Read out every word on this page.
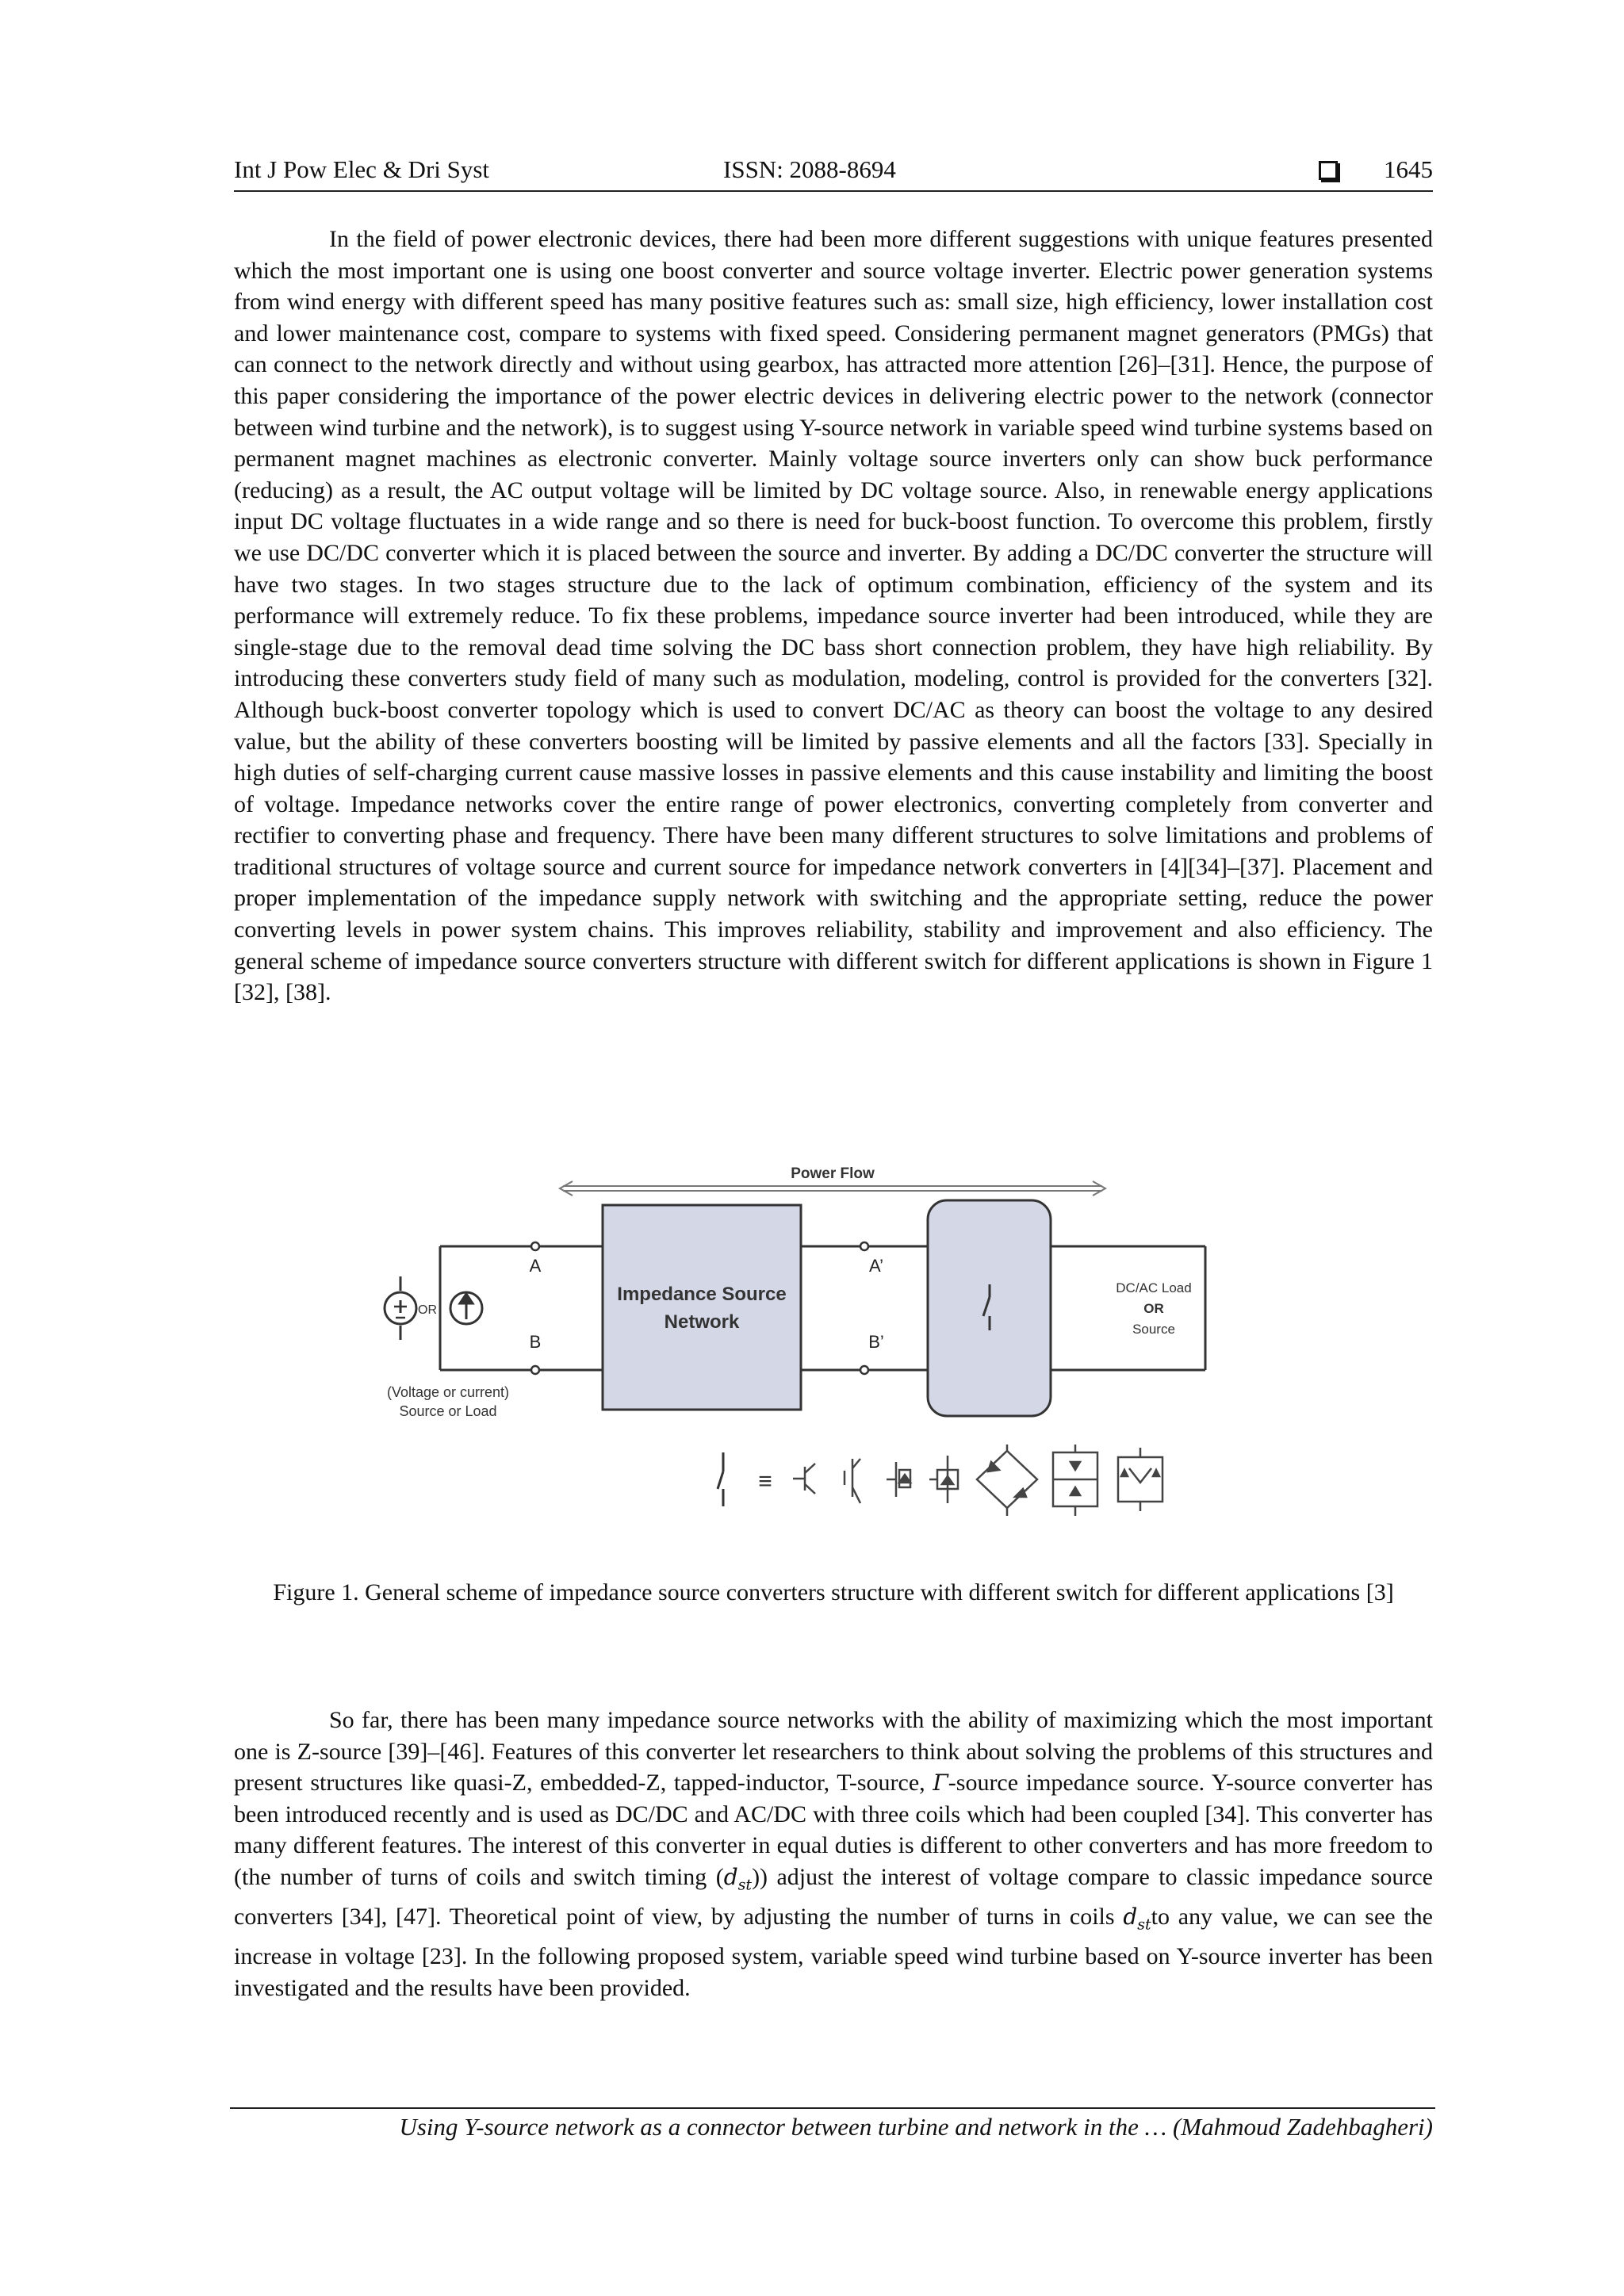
Int J Pow Elec & Dri Syst	ISSN: 2088-8694	1645

In the field of power electronic devices, there had been more different suggestions with unique features presented which the most important one is using one boost converter and source voltage inverter. Electric power generation systems from wind energy with different speed has many positive features such as: small size, high efficiency, lower installation cost and lower maintenance cost, compare to systems with fixed speed. Considering permanent magnet generators (PMGs) that can connect to the network directly and without using gearbox, has attracted more attention [26]–[31]. Hence, the purpose of this paper considering the importance of the power electric devices in delivering electric power to the network (connector between wind turbine and the network), is to suggest using Y-source network in variable speed wind turbine systems based on permanent magnet machines as electronic converter. Mainly voltage source inverters only can show buck performance (reducing) as a result, the AC output voltage will be limited by DC voltage source. Also, in renewable energy applications input DC voltage fluctuates in a wide range and so there is need for buck-boost function. To overcome this problem, firstly we use DC/DC converter which it is placed between the source and inverter. By adding a DC/DC converter the structure will have two stages. In two stages structure due to the lack of optimum combination, efficiency of the system and its performance will extremely reduce. To fix these problems, impedance source inverter had been introduced, while they are single-stage due to the removal dead time solving the DC bass short connection problem, they have high reliability. By introducing these converters study field of many such as modulation, modeling, control is provided for the converters [32]. Although buck-boost converter topology which is used to convert DC/AC as theory can boost the voltage to any desired value, but the ability of these converters boosting will be limited by passive elements and all the factors [33]. Specially in high duties of self-charging current cause massive losses in passive elements and this cause instability and limiting the boost of voltage. Impedance networks cover the entire range of power electronics, converting completely from converter and rectifier to converting phase and frequency. There have been many different structures to solve limitations and problems of traditional structures of voltage source and current source for impedance network converters in [4][34]–[37]. Placement and proper implementation of the impedance supply network with switching and the appropriate setting, reduce the power converting levels in power system chains. This improves reliability, stability and improvement and also efficiency. The general scheme of impedance source converters structure with different switch for different applications is shown in Figure 1 [32], [38].

Power Flow
A
B
OR
(Voltage or current)
Source or Load
Impedance Source
Network
A’
B’
DC/AC Load
OR
Source
≡
Figure 1. General scheme of impedance source converters structure with different switch for different applications [3]

So far, there has been many impedance source networks with the ability of maximizing which the most important one is Z-source [39]–[46]. Features of this converter let researchers to think about solving the problems of this structures and present structures like quasi-Z, embedded-Z, tapped-inductor, T-source, Γ-source impedance source. Y-source converter has been introduced recently and is used as DC/DC and AC/DC with three coils which had been coupled [34]. This converter has many different features. The interest of this converter in equal duties is different to other converters and has more freedom to (the number of turns of coils and switch timing $(d_{st})$) adjust the interest of voltage compare to classic impedance source converters [34], [47]. Theoretical point of view, by adjusting the number of turns in coils $d_{st}to$ any value, we can see the increase in voltage [23]. In the following proposed system, variable speed wind turbine based on Y-source inverter has been investigated and the results have been provided.

Using Y-source network as a connector between turbine and network in the … (Mahmoud Zadehbagheri)
